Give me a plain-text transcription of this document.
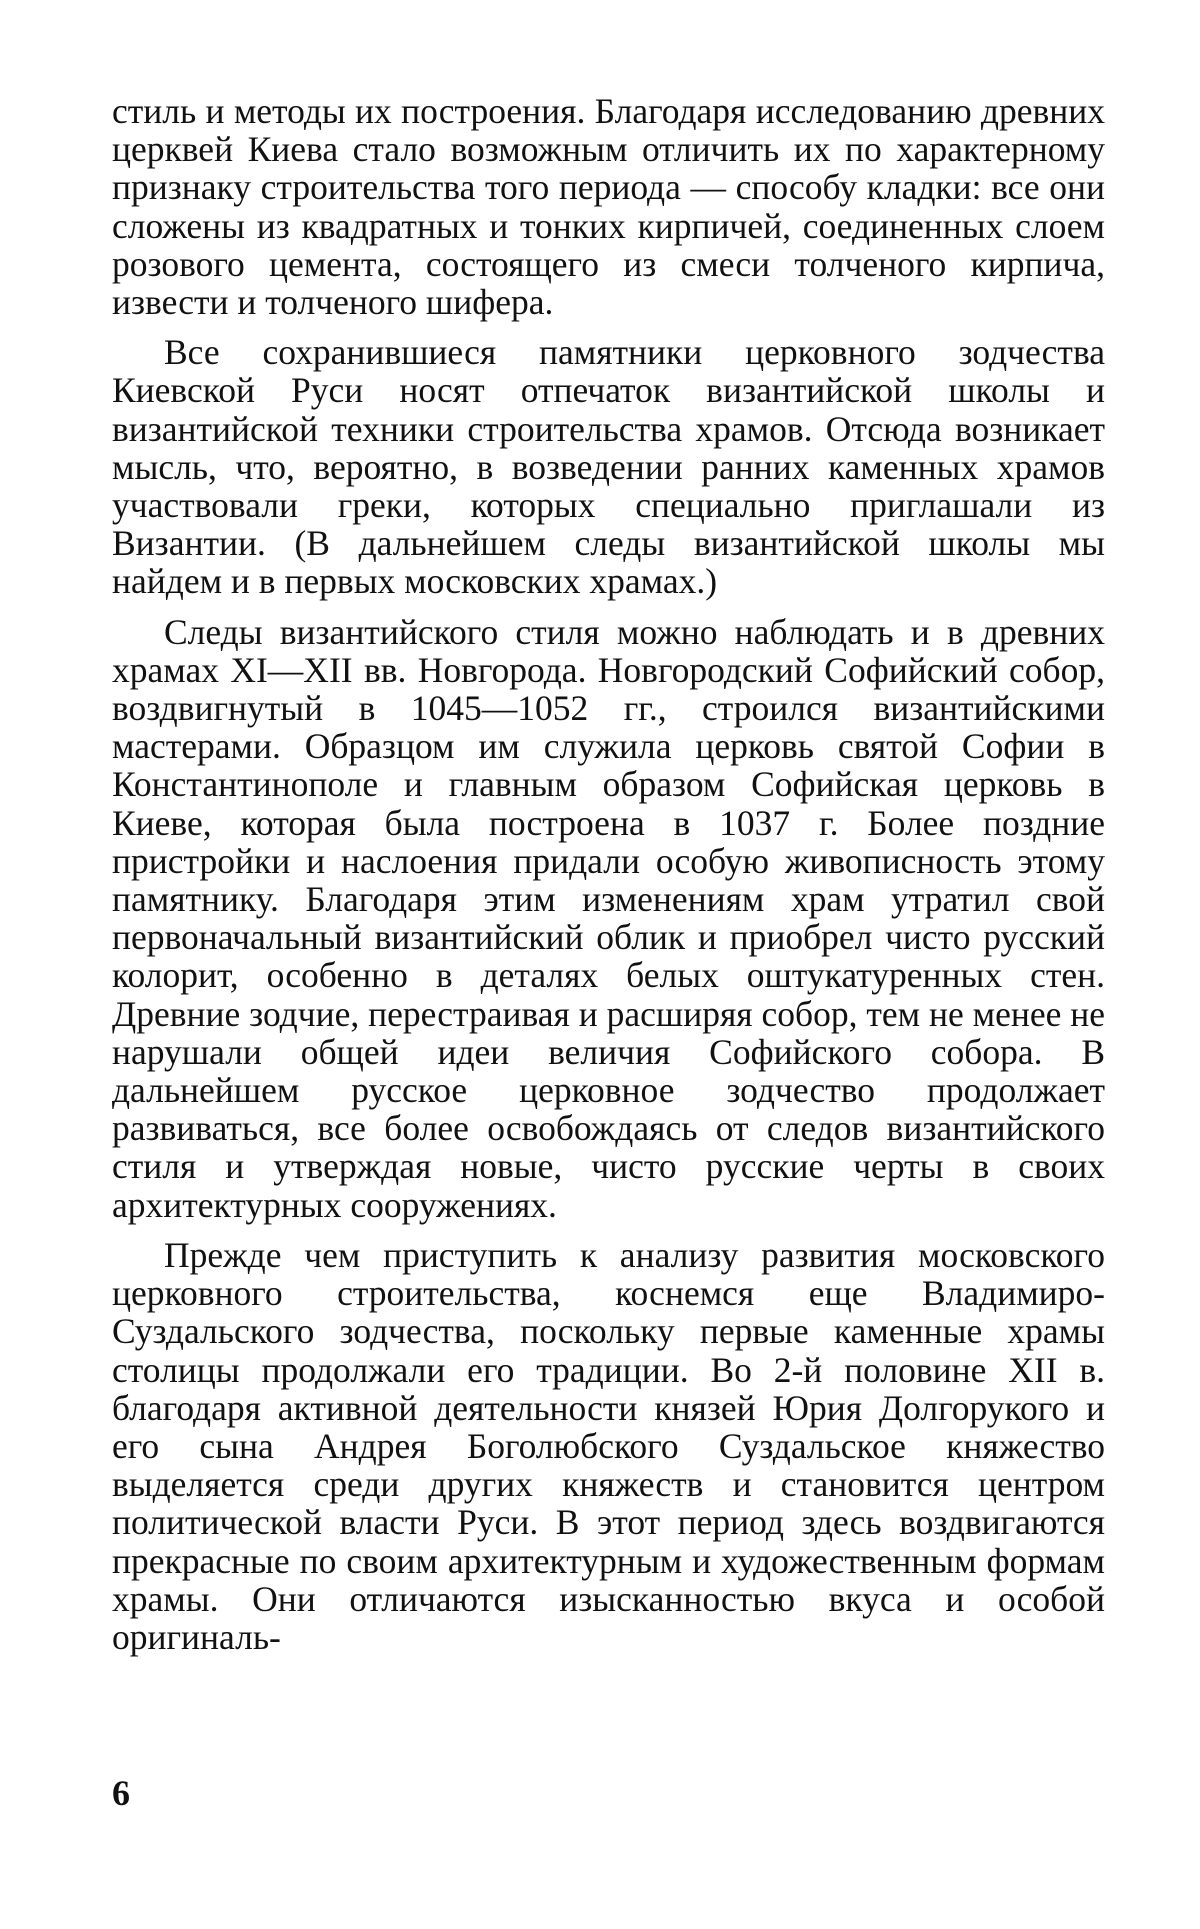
стиль и методы их построения. Благодаря исследованию древних церквей Киева стало возможным отличить их по характерному признаку строительства того периода — способу кладки: все они сложены из квадратных и тонких кирпичей, соединенных слоем розового цемента, состоящего из смеси толченого кирпича, извести и толченого шифера.

Все сохранившиеся памятники церковного зодчества Киевской Руси носят отпечаток византийской школы и византийской техники строительства храмов. Отсюда возникает мысль, что, вероятно, в возведении ранних каменных храмов участвовали греки, которых специально приглашали из Византии. (В дальнейшем следы византийской школы мы найдем и в первых московских храмах.)

Следы византийского стиля можно наблюдать и в древних храмах XI—XII вв. Новгорода. Новгородский Софийский собор, воздвигнутый в 1045—1052 гг., строился византийскими мастерами. Образцом им служила церковь святой Софии в Константинополе и главным образом Софийская церковь в Киеве, которая была построена в 1037 г. Более поздние пристройки и наслоения придали особую живописность этому памятнику. Благодаря этим изменениям храм утратил свой первоначальный византийский облик и приобрел чисто русский колорит, особенно в деталях белых оштукатуренных стен. Древние зодчие, перестраивая и расширяя собор, тем не менее не нарушали общей идеи величия Софийского собора. В дальнейшем русское церковное зодчество продолжает развиваться, все более освобождаясь от следов византийского стиля и утверждая новые, чисто русские черты в своих архитектурных сооружениях.

Прежде чем приступить к анализу развития московского церковного строительства, коснемся еще Владимиро-Суздальского зодчества, поскольку первые каменные храмы столицы продолжали его традиции. Во 2-й половине XII в. благодаря активной деятельности князей Юрия Долгорукого и его сына Андрея Боголюбского Суздальское княжество выделяется среди других княжеств и становится центром политической власти Руси. В этот период здесь воздвигаются прекрасные по своим архитектурным и художественным формам храмы. Они отличаются изысканностью вкуса и особой оригиналь-

6
